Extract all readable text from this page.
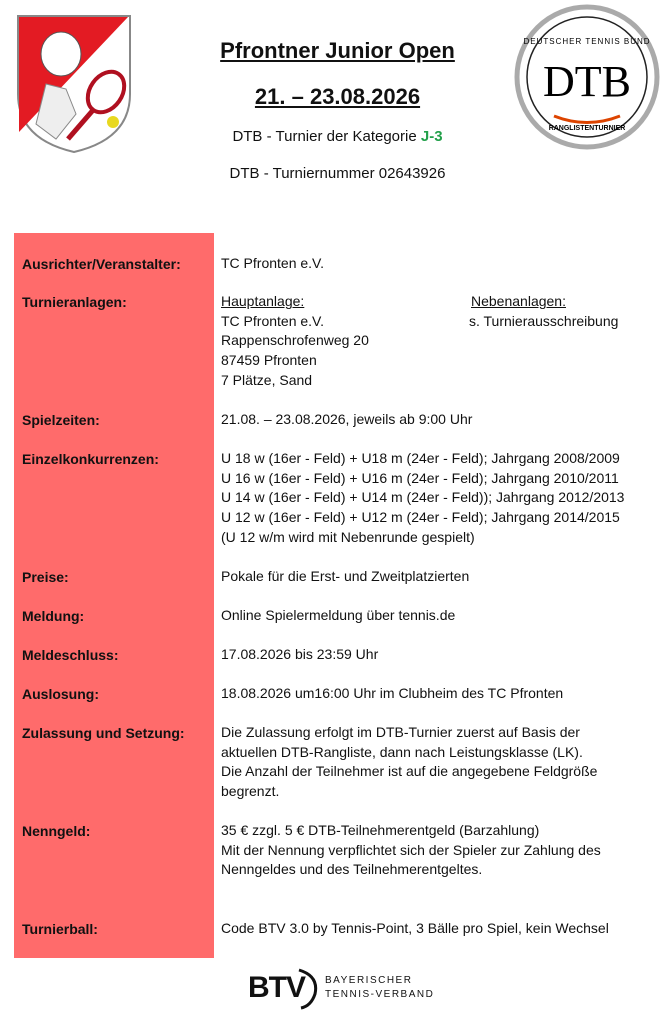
Pfrontner Junior Open
21. – 23.08.2026
DTB - Turnier der Kategorie J-3
DTB - Turniernummer 02643926
DEUTSCHER TENNIS BUND
DTB
RANGLISTENTURNIER
Ausrichter/Veranstalter:	TC Pfronten e.V.
Turnieranlagen:	Hauptanlage:
TC Pfronten e.V.
Rappenschrofenweg 20
87459 Pfronten
7 Plätze, Sand
Nebenanlagen:
s. Turnierausschreibung
Spielzeiten:	21.08. – 23.08.2026, jeweils ab 9:00 Uhr
Einzelkonkurrenzen:	U 18 w (16er - Feld) + U18 m (24er - Feld); Jahrgang 2008/2009
U 16 w (16er - Feld) + U16 m (24er - Feld); Jahrgang 2010/2011
U 14 w (16er - Feld) + U14 m (24er - Feld)); Jahrgang 2012/2013
U 12 w (16er - Feld) + U12 m (24er - Feld); Jahrgang 2014/2015
(U 12 w/m wird mit Nebenrunde gespielt)
Preise:	Pokale für die Erst- und Zweitplatzierten
Meldung:	Online Spielermeldung über tennis.de
Meldeschluss:	17.08.2026 bis 23:59 Uhr
Auslosung:	18.08.2026 um16:00 Uhr im Clubheim des TC Pfronten
Zulassung und Setzung:	Die Zulassung erfolgt im DTB-Turnier zuerst auf Basis der
aktuellen DTB-Rangliste, dann nach Leistungsklasse (LK).
Die Anzahl der Teilnehmer ist auf die angegebene Feldgröße
begrenzt.
Nenngeld:	35 € zzgl. 5 € DTB-Teilnehmerentgeld (Barzahlung)
Mit der Nennung verpflichtet sich der Spieler zur Zahlung des
Nenngeldes und des Teilnehmerentgeltes.
Turnierball:	Code BTV 3.0 by Tennis-Point, 3 Bälle pro Spiel, kein Wechsel
BTV BAYERISCHER
TENNIS-VERBAND
